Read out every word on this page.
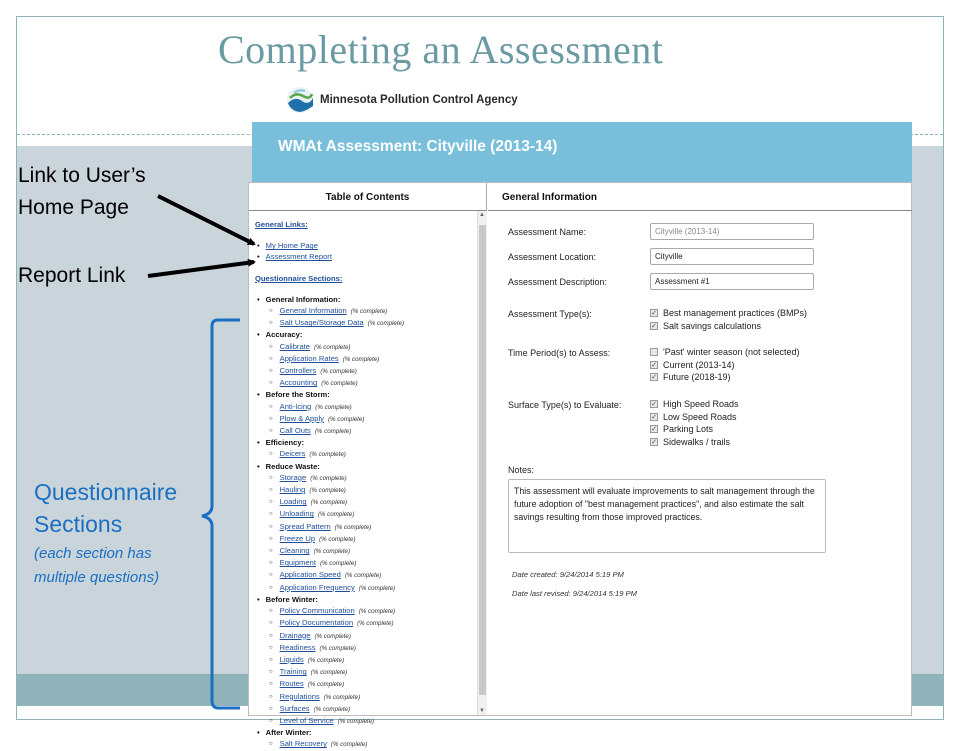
Completing an Assessment
Minnesota Pollution Control Agency
WMAt Assessment: Cityville (2013-14)
Table of Contents
General Links:
• My Home Page
• Assessment Report
Questionnaire Sections:
• General Information:
○ General Information (% complete)
○ Salt Usage/Storage Data (% complete)
• Accuracy:
○ Calibrate (% complete)
○ Application Rates (% complete)
○ Controllers (% complete)
○ Accounting (% complete)
• Before the Storm:
○ Anti-Icing (% complete)
○ Plow & Apply (% complete)
○ Call Outs (% complete)
• Efficiency:
○ Deicers (% complete)
• Reduce Waste:
○ Storage (% complete)
○ Hauling (% complete)
○ Loading (% complete)
○ Unloading (% complete)
○ Spread Pattern (% complete)
○ Freeze Up (% complete)
○ Cleaning (% complete)
○ Equipment (% complete)
○ Application Speed (% complete)
○ Application Frequency (% complete)
• Before Winter:
○ Policy Communication (% complete)
○ Policy Documentation (% complete)
○ Drainage (% complete)
○ Readiness (% complete)
○ Liquids (% complete)
○ Training (% complete)
○ Routes (% complete)
○ Regulations (% complete)
○ Surfaces (% complete)
○ Level of Service (% complete)
• After Winter:
○ Salt Recovery (% complete)
▲
▼
General Information
Assessment Name:	Cityville (2013-14)
Assessment Location:	Cityville
Assessment Description:	Assessment #1
Assessment Type(s):	✓ Best management practices (BMPs)
✓ Salt savings calculations
Time Period(s) to Assess:	'Past' winter season (not selected)
✓ Current (2013-14)
✓ Future (2018-19)
Surface Type(s) to Evaluate:	✓ High Speed Roads
✓ Low Speed Roads
✓ Parking Lots
✓ Sidewalks / trails
Notes:
This assessment will evaluate improvements to salt management through the future adoption of "best management practices", and also estimate the salt savings resulting from those improved practices.
Date created: 9/24/2014 5:19 PM
Date last revised: 9/24/2014 5:19 PM
Link to User’s
Home Page
Report Link
Questionnaire
Sections
(each section has
multiple questions)
